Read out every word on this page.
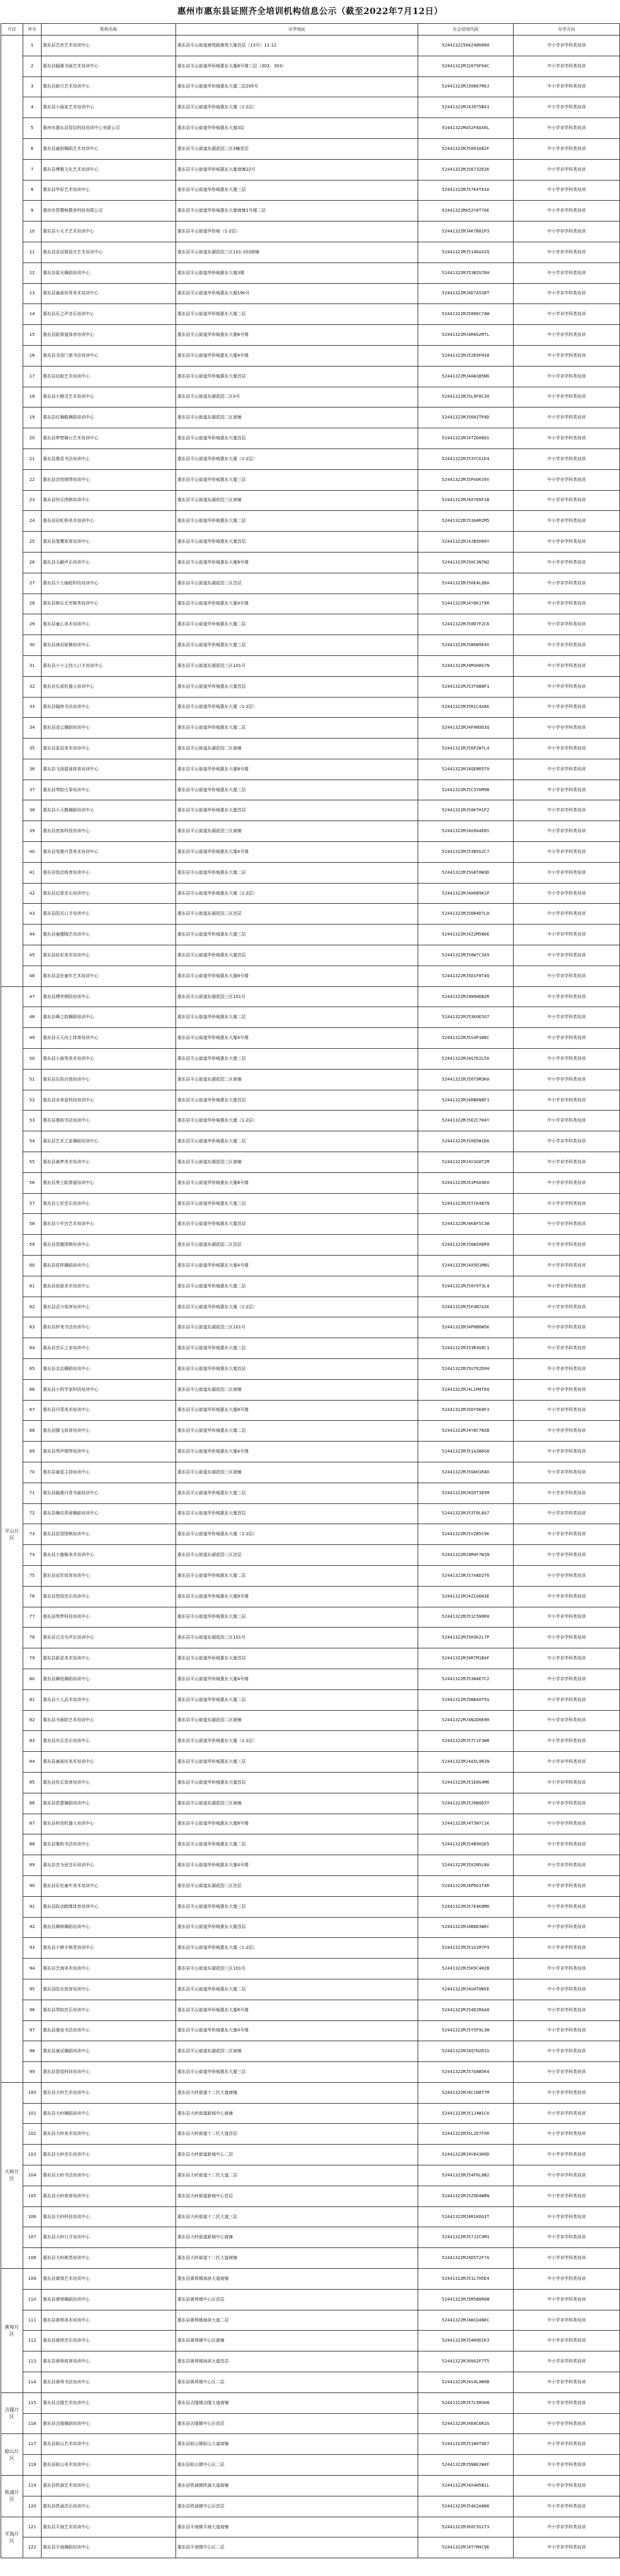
惠州市惠东县证照齐全培训机构信息公示（截至2022年7月12日）
片区	序号	机构名称	办学地址	社会信用代码	办学方向
	1	惠东县艺欣艺术培训中心	惠东县平山街道康苑路康苑大厦首层（13号）11-12	524413225042486000	中小学非学科类培训
	2	惠东县翰墨书画艺术培训中心	惠东县平山街道华侨城惠东大厦8号楼三层（302、303）	52441322MJ2079F04C	中小学非学科类培训
	3	惠东县新月艺术培训中心	惠东县平山街道华侨城惠东大厦二层205号	52441322MJ30867R6J	中小学非学科类培训
	4	惠东县小画家艺术培训中心	惠东县平山街道华侨城惠东大厦（1-2层）	52441322MJ43975B41	中小学非学科类培训
	5	惠州市惠东县智启科技培训中心有限公司	惠东县平山街道华侨城惠东大厦3层	91441322MA52F8AX0L	中小学非学科类培训
	6	惠东县童韵舞蹈艺术培训中心	惠东县平山街道东湖花园二区3幢首层	52441322MJ5003A82F	中小学非学科类培训
	7	惠东县博雅文化艺术培训中心	惠东县平山街道华侨城惠东大厦商铺22号	52441322MJ56732D2K	中小学非学科类培训
	8	惠东县华彩艺术培训中心	惠东县平山街道华侨城惠东大厦三层	52441322MJ57K4T63A	中小学非学科类培训
	9	惠州市智慧树教育科技有限公司	惠东县平山街道华侨城惠东大厦商铺1号楼二层	91441322MA52Y8T70E	中小学非学科类培训
	10	惠东县小天才艺术培训中心	惠东县平山街道华侨城（1-2层）	52441322MJ4K7B81P3	中小学非学科类培训
	11	惠东县金话筒语言艺术培训中心	惠东县平山街道东湖花园三区101-103商铺	52441322MJ5146AX2Q	中小学非学科类培训
	12	惠东县星光舞蹈培训中心	惠东县平山街道华侨城惠东大厦3楼	52441322MJ53B2G76H	中小学非学科类培训
	13	惠东县童画世界美术培训中心	惠东县平山街道华侨城惠东大厦190号	52441322MJ4D7A538T	中小学非学科类培训
	14	惠东县乐之声音乐培训中心	惠东县平山街道华侨城惠东大厦二层	52441322MJ5806C74W	中小学非学科类培训
	15	惠东县跆拳道体育培训中心	惠东县平山街道华侨城惠东大厦8号楼	52441322MJ4R6G2M7L	中小学非学科类培训
	16	惠东县书香门第书法培训中心	惠东县平山街道华侨城惠东大厦4号楼	52441322MJ52E0FH38	中小学非学科类培训
	17	惠东县启航艺术培训中心	惠东县平山街道华侨城惠东大厦首层	52441322MJ4AW1B5N6	中小学非学科类培训
	18	惠东县小精灵艺术培训中心	惠东县平山街道东湖花园二区4号	52441322MJ5L9F8C30	中小学非学科类培训
	19	惠东县红舞鞋舞蹈培训中心	惠东县平山街道东湖花园二区商铺	52441322MJ56H2TP4D	中小学非学科类培训
	20	惠东县梦想舞台艺术培训中心	惠东县平山街道华侨城惠东大厦首层	52441322MJ4T2D08GS	中小学非学科类培训
	21	惠东县墨香书法培训中心	惠东县平山街道华侨城惠东大厦（1-2层）	52441322MJ53YC61E4	中小学非学科类培训
	22	惠东县音悦钢琴培训中心	惠东县平山街道华侨城惠东大厦三层	52441322MJ5PA0K39V	中小学非学科类培训
	23	惠东县快乐围棋培训中心	惠东县平山街道东湖花园三区商铺	52441322MJ4X7E6F1B	中小学非学科类培训
	24	惠东县彩虹桥美术培训中心	惠东县平山街道华侨城惠东大厦二层	52441322MJ53G8R2M5	中小学非学科类培训
	25	惠东县雏鹰体育培训中心	惠东县平山街道华侨城惠东大厦首层	52441322MJ4JB5D60Y	中小学非学科类培训
	26	惠东县天籁声乐培训中心	惠东县平山街道华侨城惠东大厦8号楼	52441322MJ5HC3N7W2	中小学非学科类培训
	27	惠东县少儿编程科技培训中心	惠东县平山街道东湖花园二区首层	52441322MJ56E4LQ8A	中小学非学科类培训
	28	惠东县棋乐无穷棋类培训中心	惠东县平山街道华侨城惠东大厦4号楼	52441322MJ4Y8K1T9R	中小学非学科类培训
	29	惠东县童心美术培训中心	惠东县平山街道华侨城惠东大厦二层	52441322MJ50D7F2C6	中小学非学科类培训
	30	惠东县律动街舞培训中心	惠东县平山街道华侨城惠东大厦三层	52441322MJ5B6W9E4X	中小学非学科类培训
	31	惠东县小小主持人口才培训中心	惠东县平山街道东湖花园三区101号	52441322MJ4M3H0G7N	中小学非学科类培训
	32	惠东县乐高机器人培训中心	惠东县平山街道华侨城惠东大厦首层	52441322MJ53T6B8P1	中小学非学科类培训
	33	惠东县翰林书法培训中心	惠东县平山街道华侨城惠东大厦（1-2层）	52441322MJ5R1C4A6K	中小学非学科类培训
	34	惠东县凌云舞蹈培训中心	惠东县平山街道华侨城惠东大厦二层	52441322MJ4F0N9D3Q	中小学非学科类培训
	35	惠东县星辰美术培训中心	惠东县平山街道东湖花园二区商铺	52441322MJ56P2W7L4	中小学非学科类培训
	36	惠东县飞扬篮球体育培训中心	惠东县平山街道华侨城惠东大厦8号楼	52441322MJ4QE8R5T0	中小学非学科类培训
	37	惠东县琴韵古筝培训中心	惠东县平山街道华侨城惠东大厦三层	52441322MJ5C3Y6M9B	中小学非学科类培训
	38	惠东县小天鹅舞蹈培训中心	惠东县平山街道华侨城惠东大厦首层	52441322MJ50K7H1F2	中小学非学科类培训
	39	惠东县创客科技培训中心	惠东县平山街道东湖花园三区商铺	52441322MJ4U9A4E8S	中小学非学科类培训
	40	惠东县笔墨丹青美术培训中心	惠东县平山街道华侨城惠东大厦4号楼	52441322MJ53N5G2C7	中小学非学科类培训
	41	惠东县悦动体育培训中心	惠东县平山街道华侨城惠东大厦二层	52441322MJ5G8T0W3D	中小学非学科类培训
	42	惠东县启蒙音乐培训中心	惠东县平山街道华侨城惠东大厦（1-2层）	52441322MJ4H6B9K1P	中小学非学科类培训
	43	惠东县阳光口才培训中心	惠东县平山街道东湖花园二区首层	52441322MJ56R4D7L8	中小学非学科类培训
	44	惠东县童趣陶艺培训中心	惠东县平山街道华侨城惠东大厦三层	52441322MJ4Z2M5N6E	中小学非学科类培训
	45	惠东县炫彩美术培训中心	惠东县平山街道华侨城惠东大厦首层	52441322MJ50W7C3A9	中小学非学科类培训
	46	惠东县金色童年艺术培训中心	惠东县平山街道华侨城惠东大厦8号楼	52441322MJ5D1F8T4Q	中小学非学科类培训
平山片区	47	惠东县博弈棋院培训中心	惠东县平山街道东湖花园三区101号	52441322MJ4N9H6B2R	中小学非学科类培训
	48	惠东县舞之韵舞蹈培训中心	惠东县平山街道华侨城惠东大厦二层	52441322MJ53K0E5G7	中小学非学科类培训
	49	惠东县天天向上体育培训中心	惠东县平山街道华侨城惠东大厦4号楼	52441322MJ5S4P1W8C	中小学非学科类培训
	50	惠东县小画笔美术培训中心	惠东县平山街道华侨城惠东大厦三层	52441322MJ4G7D2L5A	中小学非学科类培训
	51	惠东县乐韵吉他培训中心	惠东县平山街道东湖花园二区商铺	52441322MJ56T9M3K0	中小学非学科类培训
	52	惠东县未来星科技培训中心	惠东县平山街道华侨城惠东大厦首层	52441322MJ4RB6N8F1	中小学非学科类培训
	53	惠东县墨韵书法培训中心	惠东县平山街道华侨城惠东大厦（1-2层）	52441322MJ5E2C7H4Y	中小学非学科类培训
	54	惠东县艺术之星舞蹈培训中心	惠东县平山街道华侨城惠东大厦二层	52441322MJ50Q5W1D6	中小学非学科类培训
	55	惠东县童梦美术培训中心	惠东县平山街道东湖花园三区商铺	52441322MJ4V3G8T2M	中小学非学科类培训
	56	惠东县勇士跆拳道培训中心	惠东县平山街道华侨城惠东大厦8号楼	52441322MJ53P6A9E0	中小学非学科类培训
	57	惠东县七彩音乐培训中心	惠东县平山街道华侨城惠东大厦三层	52441322MJ5T1K4B7N	中小学非学科类培训
	58	惠东县少年宫艺术培训中心	惠东县平山街道华侨城惠东大厦首层	52441322MJ4K8F5C3W	中小学非学科类培训
	59	惠东县智趣围棋培训中心	惠东县平山街道东湖花园二区首层	52441322MJ56W2H6R9	中小学非学科类培训
	60	惠东县花样舞蹈培训中心	惠东县平山街道华侨城惠东大厦4号楼	52441322MJ4X5D1M8G	中小学非学科类培训
	61	惠东县创意美术培训中心	惠东县平山街道华侨城惠东大厦二层	52441322MJ50Y9T3L4	中小学非学科类培训
	62	惠东县活力体育培训中心	惠东县平山街道华侨城惠东大厦（1-2层）	52441322MJ5F4N7A2E	中小学非学科类培训
	63	惠东县妙笔书法培训中心	惠东县平山街道东湖花园三区101号	52441322MJ4P0B6W5K	中小学非学科类培训
	64	惠东县音乐之家培训中心	惠东县平山街道华侨城惠东大厦三层	52441322MJ53R3G8C1	中小学非学科类培训
	65	惠东县灵动舞蹈培训中心	惠东县平山街道华侨城惠东大厦首层	52441322MJ5U7E2D9H	中小学非学科类培训
	66	惠东县小科学家科技培训中心	惠东县平山街道东湖花园二区商铺	52441322MJ4L1M4T6Q	中小学非学科类培训
	67	惠东县丹青美术培训中心	惠东县平山街道华侨城惠东大厦8号楼	52441322MJ56Y5K0F3	中小学非学科类培训
	68	惠东县腾飞体育培训中心	惠东县平山街道华侨城惠东大厦二层	52441322MJ4Y8C7N2B	中小学非学科类培训
	69	惠东县琴声钢琴培训中心	惠东县平山街道华侨城惠东大厦4号楼	52441322MJ51A2W6G8	中小学非学科类培训
	70	惠东县童星主持培训中心	惠东县平山街道东湖花园三区商铺	52441322MJ5G6H1R4D	中小学非学科类培训
	71	惠东县翰墨丹青书画培训中心	惠东县平山街道华侨城惠东大厦三层	52441322MJ4Q9T3E5M	中小学非学科类培训
	72	惠东县舞动青春舞蹈培训中心	惠东县平山街道华侨城惠东大厦首层	52441322MJ53T0L8A7	中小学非学科类培训
	73	惠东县启智围棋培训中心	惠东县平山街道华侨城惠东大厦（1-2层）	52441322MJ5V2B5C9K	中小学非学科类培训
	74	惠东县小蜜蜂美术培训中心	惠东县平山街道东湖花园二区首层	52441322MJ4M4F7W1N	中小学非学科类培训
	75	惠东县冠军体育培训中心	惠东县平山街道华侨城惠东大厦二层	52441322MJ57A8D2T6	中小学非学科类培训
	76	惠东县悠扬音乐培训中心	惠东县平山街道华侨城惠东大厦8号楼	52441322MJ4Z1G6H3E	中小学非学科类培训
	77	惠东县筑梦科技培训中心	惠东县平山街道华侨城惠东大厦三层	52441322MJ51C5N9R0	中小学非学科类培训
	78	惠东县百灵鸟声乐培训中心	惠东县平山街道东湖花园三区101号	52441322MJ5H3K2L7P	中小学非学科类培训
	79	惠东县新星美术培训中心	惠东县平山街道华侨城惠东大厦首层	52441322MJ4R7M1B4F	中小学非学科类培训
	80	惠东县舞悦舞蹈培训中心	惠东县平山街道华侨城惠东大厦4号楼	52441322MJ53W4E7C2	中小学非学科类培训
	81	惠东县少儿武术培训中心	惠东县平山街道华侨城惠东大厦二层	52441322MJ5W8A0T5G	中小学非学科类培训
	82	惠东县书画院艺术培训中心	惠东县平山街道东湖花园二区商铺	52441322MJ4N2D6K9H	中小学非学科类培训
	83	惠东县欢乐音乐培训中心	惠东县平山街道华侨城惠东大厦（1-2层）	52441322MJ57C1F3W8	中小学非学科类培训
	84	惠东县童画坊美术培训中心	惠东县平山街道华侨城惠东大厦三层	52441322MJ4A5L9R2N	中小学非学科类培训
	85	惠东县优乐体育培训中心	惠东县平山街道华侨城惠东大厦首层	52441322MJ51E8G4M6	中小学非学科类培训
	86	惠东县芭蕾舞蹈培训中心	惠东县平山街道东湖花园三区商铺	52441322MJ5J6B0D3T	中小学非学科类培训
	87	惠东县科创机器人培训中心	惠东县平山街道华侨城惠东大厦8号楼	52441322MJ4T3W7C1K	中小学非学科类培训
	88	惠东县雅韵书法培训中心	惠东县平山街道华侨城惠东大厦二层	52441322MJ54B9H2E5	中小学非学科类培训
	89	惠东县音为爱音乐培训中心	惠东县平山街道华侨城惠东大厦4号楼	52441322MJ5X2N5L8A	中小学非学科类培训
	90	惠东县彩色童年美术培训中心	惠东县平山街道东湖花园二区首层	52441322MJ4P6G1T4R	中小学非学科类培训
	91	惠东县跃动跳绳体育培训中心	惠东县平山街道华侨城惠东大厦三层	52441322MJ57E4K8M0	中小学非学科类培训
	92	惠东县舞林舞蹈培训中心	惠东县平山街道华侨城惠东大厦首层	52441322MJ4B8D3W6C	中小学非学科类培训
	93	惠东县小棋手棋类培训中心	惠东县平山街道华侨城惠东大厦（1-2层）	52441322MJ51G1M7F9	中小学非学科类培训
	94	惠东县艺海美术培训中心	惠东县平山街道东湖花园三区101号	52441322MJ5K9C4H2B	中小学非学科类培训
	95	惠东县阳光体育培训中心	惠东县平山街道华侨城惠东大厦二层	52441322MJ4U4T0N5E	中小学非学科类培训
	96	惠东县琴韵音乐培训中心	惠东县平山街道华侨城惠东大厦8号楼	52441322MJ54D2R6A8	中小学非学科类培训
	97	惠东县墨池书法培训中心	惠东县平山街道华侨城惠东大厦4号楼	52441322MJ5Y5F9L3W	中小学非学科类培训
	98	惠东县童话舞蹈培训中心	惠东县平山街道东湖花园二区商铺	52441322MJ4Q7H2D1G	中小学非学科类培训
	99	惠东县智造科技培训中心	惠东县平山街道华侨城惠东大厦三层	52441322MJ57G8B5K4	中小学非学科类培训
大岭片区	100	惠东县大岭艺术培训中心	惠东县大岭街道十二托大道商铺	52441322MJ4C1N8T7M	中小学非学科类培训
	101	惠东县大岭舞蹈培训中心	惠东县大岭街道新城中心商铺	52441322MJ51J4W1C6	中小学非学科类培训
	102	惠东县大岭美术培训中心	惠东县大岭街道十二托大道首层	52441322MJ5L2E7F5R	中小学非学科类培训
	103	惠东县大岭音乐培训中心	惠东县大岭街道新城中心二层	52441322MJ4V8A3H9D	中小学非学科类培训
	104	惠东县大岭书法培训中心	惠东县大岭街道十二托大道二层	52441322MJ54F6L0B2	中小学非学科类培训
	105	惠东县大岭体育培训中心	惠东县大岭街道新城中心首层	52441322MJ5Z9D4W8N	中小学非学科类培训
	106	惠东县大岭科技培训中心	惠东县大岭街道十二托大道三层	52441322MJ4R1K6G3T	中小学非学科类培训
	107	惠东县大岭口才培训中心	惠东县大岭街道新城中心商铺	52441322MJ57J2C9M1	中小学非学科类培训
	108	惠东县大岭棋类培训中心	惠东县大岭街道十二托大道商铺	52441322MJ4D5T2F7A	中小学非学科类培训
黄埠片区	109	惠东县黄埠艺术培训中心	惠东县黄埠镇海滨大道商铺	52441322MJ51L7H5E4	中小学非学科类培训
	110	惠东县黄埠舞蹈培训中心	惠东县黄埠镇中心区首层	52441322MJ5M5B8R0W	中小学非学科类培训
	111	惠东县黄埠美术培训中心	惠东县黄埠镇海滨大道二层	52441322MJ4W1G4N6C	中小学非学科类培训
	112	惠东县黄埠音乐培训中心	惠东县黄埠镇中心区商铺	52441322MJ54H9D1K3	中小学非学科类培训
	113	惠东县黄埠体育培训中心	惠东县黄埠镇海滨大道首层	52441322MJ60A2F7T5	中小学非学科类培训
	114	惠东县黄埠书法培训中心	惠东县黄埠镇中心区二层	52441322MJ4S4L0W9B	中小学非学科类培训
吉隆片区	115	惠东县吉隆艺术培训中心	惠东县吉隆镇吉隆大道商铺	52441322MJ57L5M3H8	中小学非学科类培训
	116	惠东县吉隆舞蹈培训中心	惠东县吉隆镇中心区首层	52441322MJ4E8C6R2G	中小学非学科类培训
稔山片区	117	惠东县稔山艺术培训中心	惠东县稔山镇稔山大道商铺	52441322MJ51N0T9D7	中小学非学科类培训
	118	惠东县稔山美术培训中心	惠东县稔山镇中心区二层	52441322MJ5N8E2W4F	中小学非学科类培训
铁涌片区	119	惠东县铁涌艺术培训中心	惠东县铁涌镇铁涌大道商铺	52441322MJ4X4H5B1L	中小学非学科类培训
	120	惠东县铁涌音乐培训中心	惠东县铁涌镇中心区首层	52441322MJ54K2A8N6	中小学非学科类培训
平海片区	121	惠东县平海艺术培训中心	惠东县平海镇平海大道商铺	52441322MJ60C5G1T3	中小学非学科类培训
	122	惠东县平海舞蹈培训中心	惠东县平海镇中心区二层	52441322MJ4T7M4C9E	中小学非学科类培训
